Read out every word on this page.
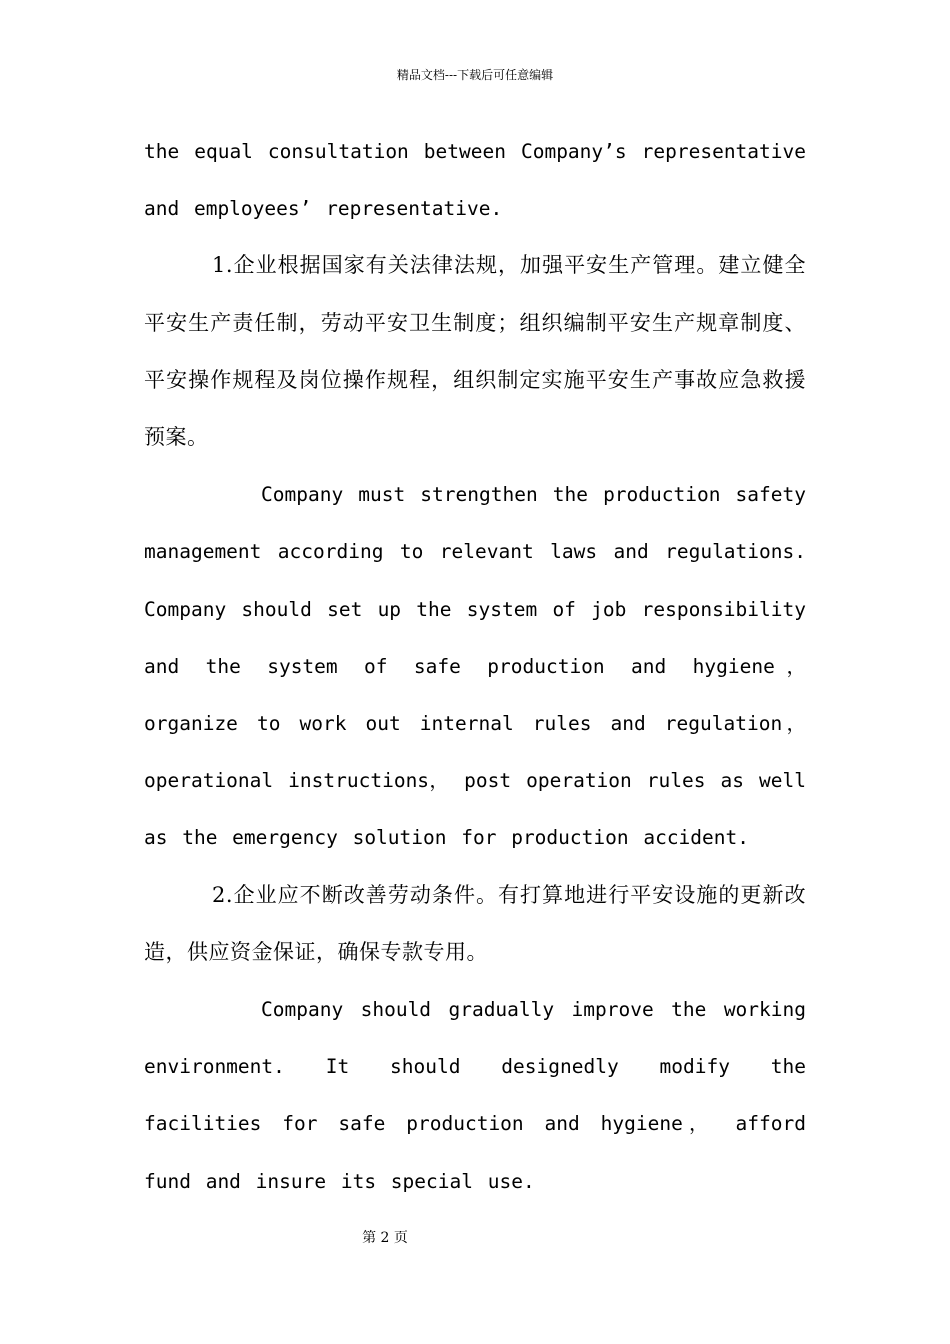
精品文档---下载后可任意编辑

the equal consultation between Company’s representative and employees’ representative.

1.企业根据国家有关法律法规，加强平安生产管理。建立健全平安生产责任制，劳动平安卫生制度；组织编制平安生产规章制度、平安操作规程及岗位操作规程，组织制定实施平安生产事故应急救援预案。

Company must strengthen the production safety management according to relevant laws and regulations. Company should set up the system of job responsibility and the system of safe production and hygiene， organize to work out internal rules and regulation， operational instructions， post operation rules as well as the emergency solution for production accident.

2.企业应不断改善劳动条件。有打算地进行平安设施的更新改造，供应资金保证，确保专款专用。

Company should gradually improve the working environment. It should designedly modify the facilities for safe production and hygiene， afford fund and insure its special use.

第 2 页
